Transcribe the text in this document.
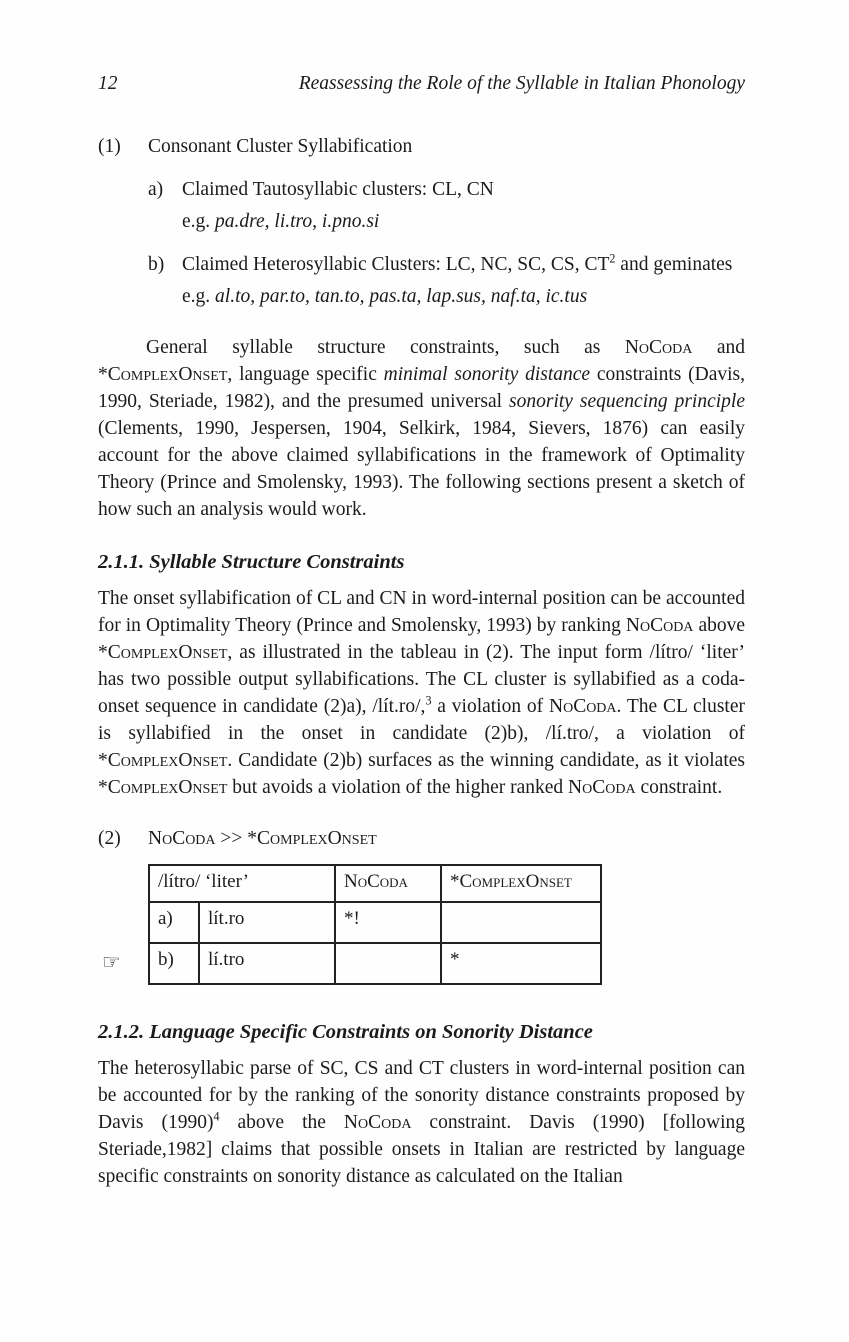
12	Reassessing the Role of the Syllable in Italian Phonology
(1)	Consonant Cluster Syllabification
a) Claimed Tautosyllabic clusters: CL, CN
e.g. pa.dre, li.tro, i.pno.si
b) Claimed Heterosyllabic Clusters: LC, NC, SC, CS, $CT^2$ and geminates
e.g. al.to, par.to, tan.to, pas.ta, lap.sus, naf.ta, ic.tus

General syllable structure constraints, such as NoCoda and *ComplexOnset, language specific minimal sonority distance constraints (Davis, 1990, Steriade, 1982), and the presumed universal sonority sequencing principle (Clements, 1990, Jespersen, 1904, Selkirk, 1984, Sievers, 1876) can easily account for the above claimed syllabifications in the framework of Optimality Theory (Prince and Smolensky, 1993). The following sections present a sketch of how such an analysis would work.

2.1.1. Syllable Structure Constraints

The onset syllabification of CL and CN in word-internal position can be accounted for in Optimality Theory (Prince and Smolensky, 1993) by ranking NoCoda above *ComplexOnset, as illustrated in the tableau in (2). The input form /lítro/ ‘liter’ has two possible output syllabifications. The CL cluster is syllabified as a coda-onset sequence in candidate (2)a), /lít.ro/,$^3$ a violation of NoCoda. The CL cluster is syllabified in the onset in candidate (2)b), /lí.tro/, a violation of *ComplexOnset. Candidate (2)b) surfaces as the winning candidate, as it violates *ComplexOnset but avoids a violation of the higher ranked NoCoda constraint.

(2)	NoCoda >> *ComplexOnset
☞
/lítro/ ‘liter’		NoCoda	*ComplexOnset
a)	lít.ro	*!	
b)	lí.tro		*
2.1.2. Language Specific Constraints on Sonority Distance

The heterosyllabic parse of SC, CS and CT clusters in word-internal position can be accounted for by the ranking of the sonority distance constraints proposed by Davis $(1990)^4$ above the NoCoda constraint. Davis (1990) [following Steriade,1982] claims that possible onsets in Italian are restricted by language specific constraints on sonority distance as calculated on the Italian
